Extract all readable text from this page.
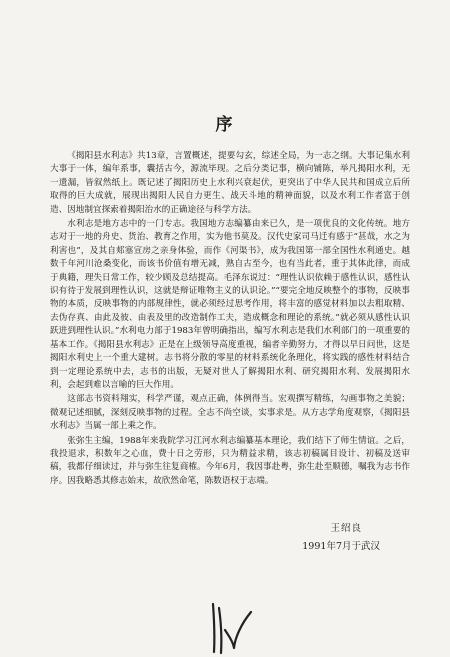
序

《揭阳县水利志》共13章，言置概述，提要勾玄，综述全局，为一志之纲。大事记集水利大事于一体，编年系事，囊括古今，源流毕现。之后分类记事，横向铺陈，举凡揭阳水利，无一遗漏，皆叙然纸上。既记述了揭阳历史上水利兴衰起伏，更突出了中华人民共和国成立后所取得的巨大成就，展现出揭阳人民自力更生、战天斗地的精神面貌，以及水利工作者富于创造、因地制宜探索着揭阳治水的正确途径与科学方法。

水利志是地方志中的一门专志。我国地方志编纂由来已久，是一项优良的文化传统。地方志对于一地的舟史、货治、教育之作用，实为他书莫及。汉代史家司马迁有感于“甚哉，水之为利害也”，及其自郏塞宣房之亲身体验，而作《河渠书》，成为我国第一部全国性水利通史。越数千年河川沧桑变化，而该书价值有增无减，熟自古至今，也有当此者，重于其体此律，而成于典籍，理失日常工作，较少顾及总结提高。毛泽东说过：“理性认识依赖于感性认识，感性认识有待于发展到理性认识，这就是辩证唯物主义的认识论。”“要完全地反映整个的事物，反映事物的本质，反映事物的内部规律性，就必须经过思考作用，将丰富的感觉材料加以去粗取精、去伪存真、由此及彼、由表及里的改造制作工夫，造成概念和理论的系统。”就必须从感性认识跃进到理性认识。”水利电力部于1983年曾明确指出，编写水利志是我们水利部门的一项重要的基本工作。《揭阳县水利志》正是在上级领导高度重视，编者辛勤努力，才得以早日问世，这是揭阳水利史上一个重大建树。志书将分散的零星的材料系统化条理化，将实践的感性材料结合到一定理论系统中去，志书的出版，无疑对世人了解揭阳水利、研究揭阳水利、发展揭阳水利，会起到难以言喻的巨大作用。

这部志书资料翔实，科学严谨，观点正确，体例得当。宏观撰写精练，勾画事物之美貌；微观记述细腻，深刻反映事物的过程。全志不尚空谈，实事求是。从方志学角度观察，《揭阳县水利志》当属一部上乘之作。

张弥生主编，1988年来我院学习江河水利志编纂基本理论，我们结下了师生情谊。之后，我投退求，积数年之心血，费十日之劳形，只为精益求精，该志初稿属目设计、初稿及送审稿，我都仔细读过，并与弥生往复商榷。今年6月，我因事赴粤，弥生赴至顺德，嘱我为志书作序。因我略悉其修志始末，故欣然命笔，陈数语权于志端。

王绍良
1991年7月于武汉
